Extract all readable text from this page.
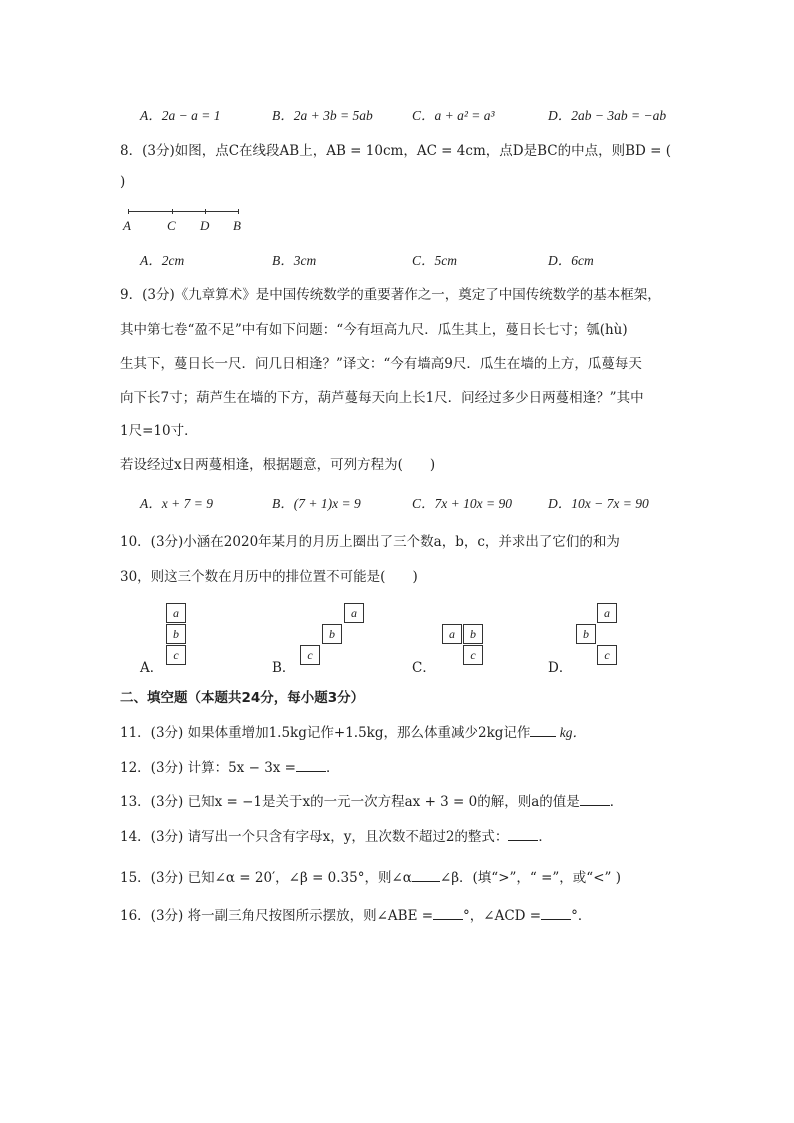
A．2a − a = 1	B．2a + 3b = 5ab	C．a + a² = a³	D．2ab − 3ab = −ab
8．(3分)如图，点C在线段AB上，AB = 10cm，AC = 4cm，点D是BC的中点，则BD = (
)
A	C D B
A．2cm	B．3cm	C．5cm	D．6cm
9．(3分)《九章算术》是中国传统数学的重要著作之一，奠定了中国传统数学的基本框架，
其中第七卷“盈不足”中有如下问题：“今有垣高九尺．瓜生其上，蔓日长七寸；瓠(hù)
生其下，蔓日长一尺．问几日相逢？”译文：“今有墙高9尺．瓜生在墙的上方，瓜蔓每天
向下长7寸；葫芦生在墙的下方，葫芦蔓每天向上长1尺．问经过多少日两蔓相逢？”其中
1尺=10寸．
若设经过x日两蔓相逢，根据题意，可列方程为(　　)
A．x + 7 = 9	B．(7 + 1)x = 9	C．7x + 10x = 90	D．10x − 7x = 90
10．(3分)小涵在2020年某月的月历上圈出了三个数a，b，c，并求出了它们的和为
30，则这三个数在月历中的排位置不可能是(　　)
a
b
c
A．
a
b
c
B．
a	b
c
C．
a
b
c
D．
二、填空题（本题共24分，每小题3分）
11．(3分) 如果体重增加1.5kg记作+1.5kg，那么体重减少2kg记作 kg．
12．(3分) 计算：5x − 3x = ．
13．(3分) 已知x = −1是关于x的一元一次方程ax + 3 = 0的解，则a的值是 ．
14．(3分) 请写出一个只含有字母x，y，且次数不超过2的整式： ．
15．(3分) 已知∠α = 20′，∠β = 0.35°，则∠α ∠β．(填“>”，“ =”，或“<” )
16．(3分) 将一副三角尺按图所示摆放，则∠ABE = °，∠ACD = °．
